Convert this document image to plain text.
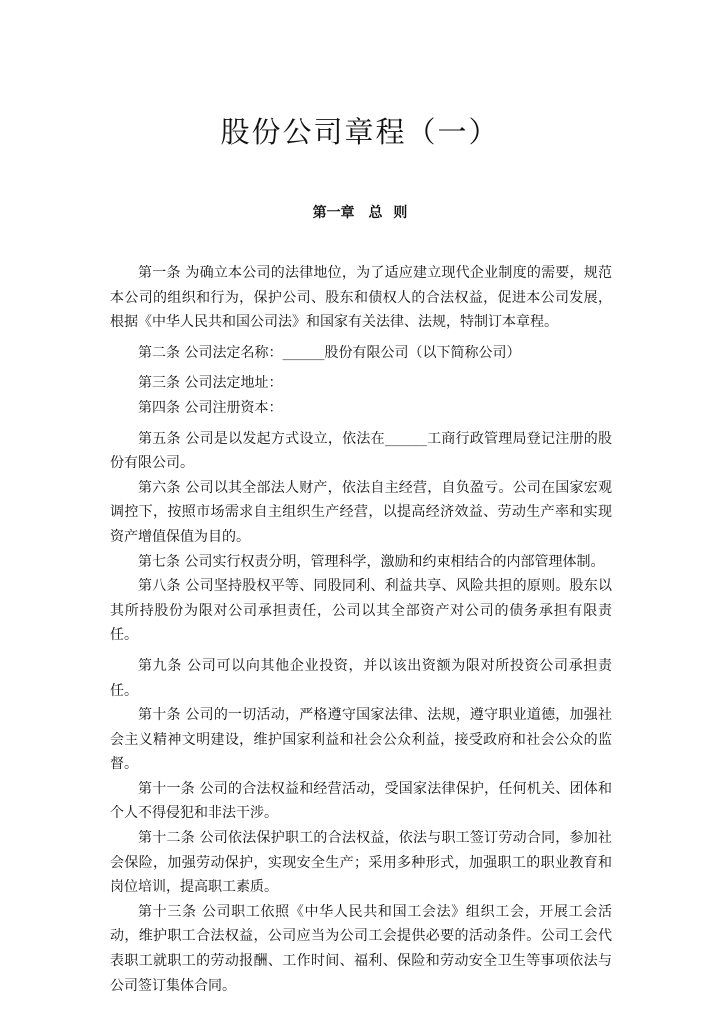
股份公司章程（一）
第一章　总 则

第一条 为确立本公司的法律地位，为了适应建立现代企业制度的需要，规范本公司的组织和行为，保护公司、股东和债权人的合法权益，促进本公司发展，根据《中华人民共和国公司法》和国家有关法律、法规，特制订本章程。

第二条 公司法定名称：______股份有限公司（以下简称公司）

第三条 公司法定地址：

第四条 公司注册资本：

第五条 公司是以发起方式设立，依法在______工商行政管理局登记注册的股份有限公司。

第六条 公司以其全部法人财产，依法自主经营，自负盈亏。公司在国家宏观调控下，按照市场需求自主组织生产经营，以提高经济效益、劳动生产率和实现资产增值保值为目的。

第七条 公司实行权责分明，管理科学，激励和约束相结合的内部管理体制。

第八条 公司坚持股权平等、同股同利、利益共享、风险共担的原则。股东以其所持股份为限对公司承担责任，公司以其全部资产对公司的债务承担有限责任。

第九条 公司可以向其他企业投资，并以该出资额为限对所投资公司承担责任。

第十条 公司的一切活动，严格遵守国家法律、法规，遵守职业道德，加强社会主义精神文明建设，维护国家利益和社会公众利益，接受政府和社会公众的监督。

第十一条 公司的合法权益和经营活动，受国家法律保护，任何机关、团体和个人不得侵犯和非法干涉。

第十二条 公司依法保护职工的合法权益，依法与职工签订劳动合同，参加社会保险，加强劳动保护，实现安全生产；采用多种形式，加强职工的职业教育和岗位培训，提高职工素质。

第十三条 公司职工依照《中华人民共和国工会法》组织工会，开展工会活动，维护职工合法权益，公司应当为公司工会提供必要的活动条件。公司工会代表职工就职工的劳动报酬、工作时间、福利、保险和劳动安全卫生等事项依法与公司签订集体合同。
